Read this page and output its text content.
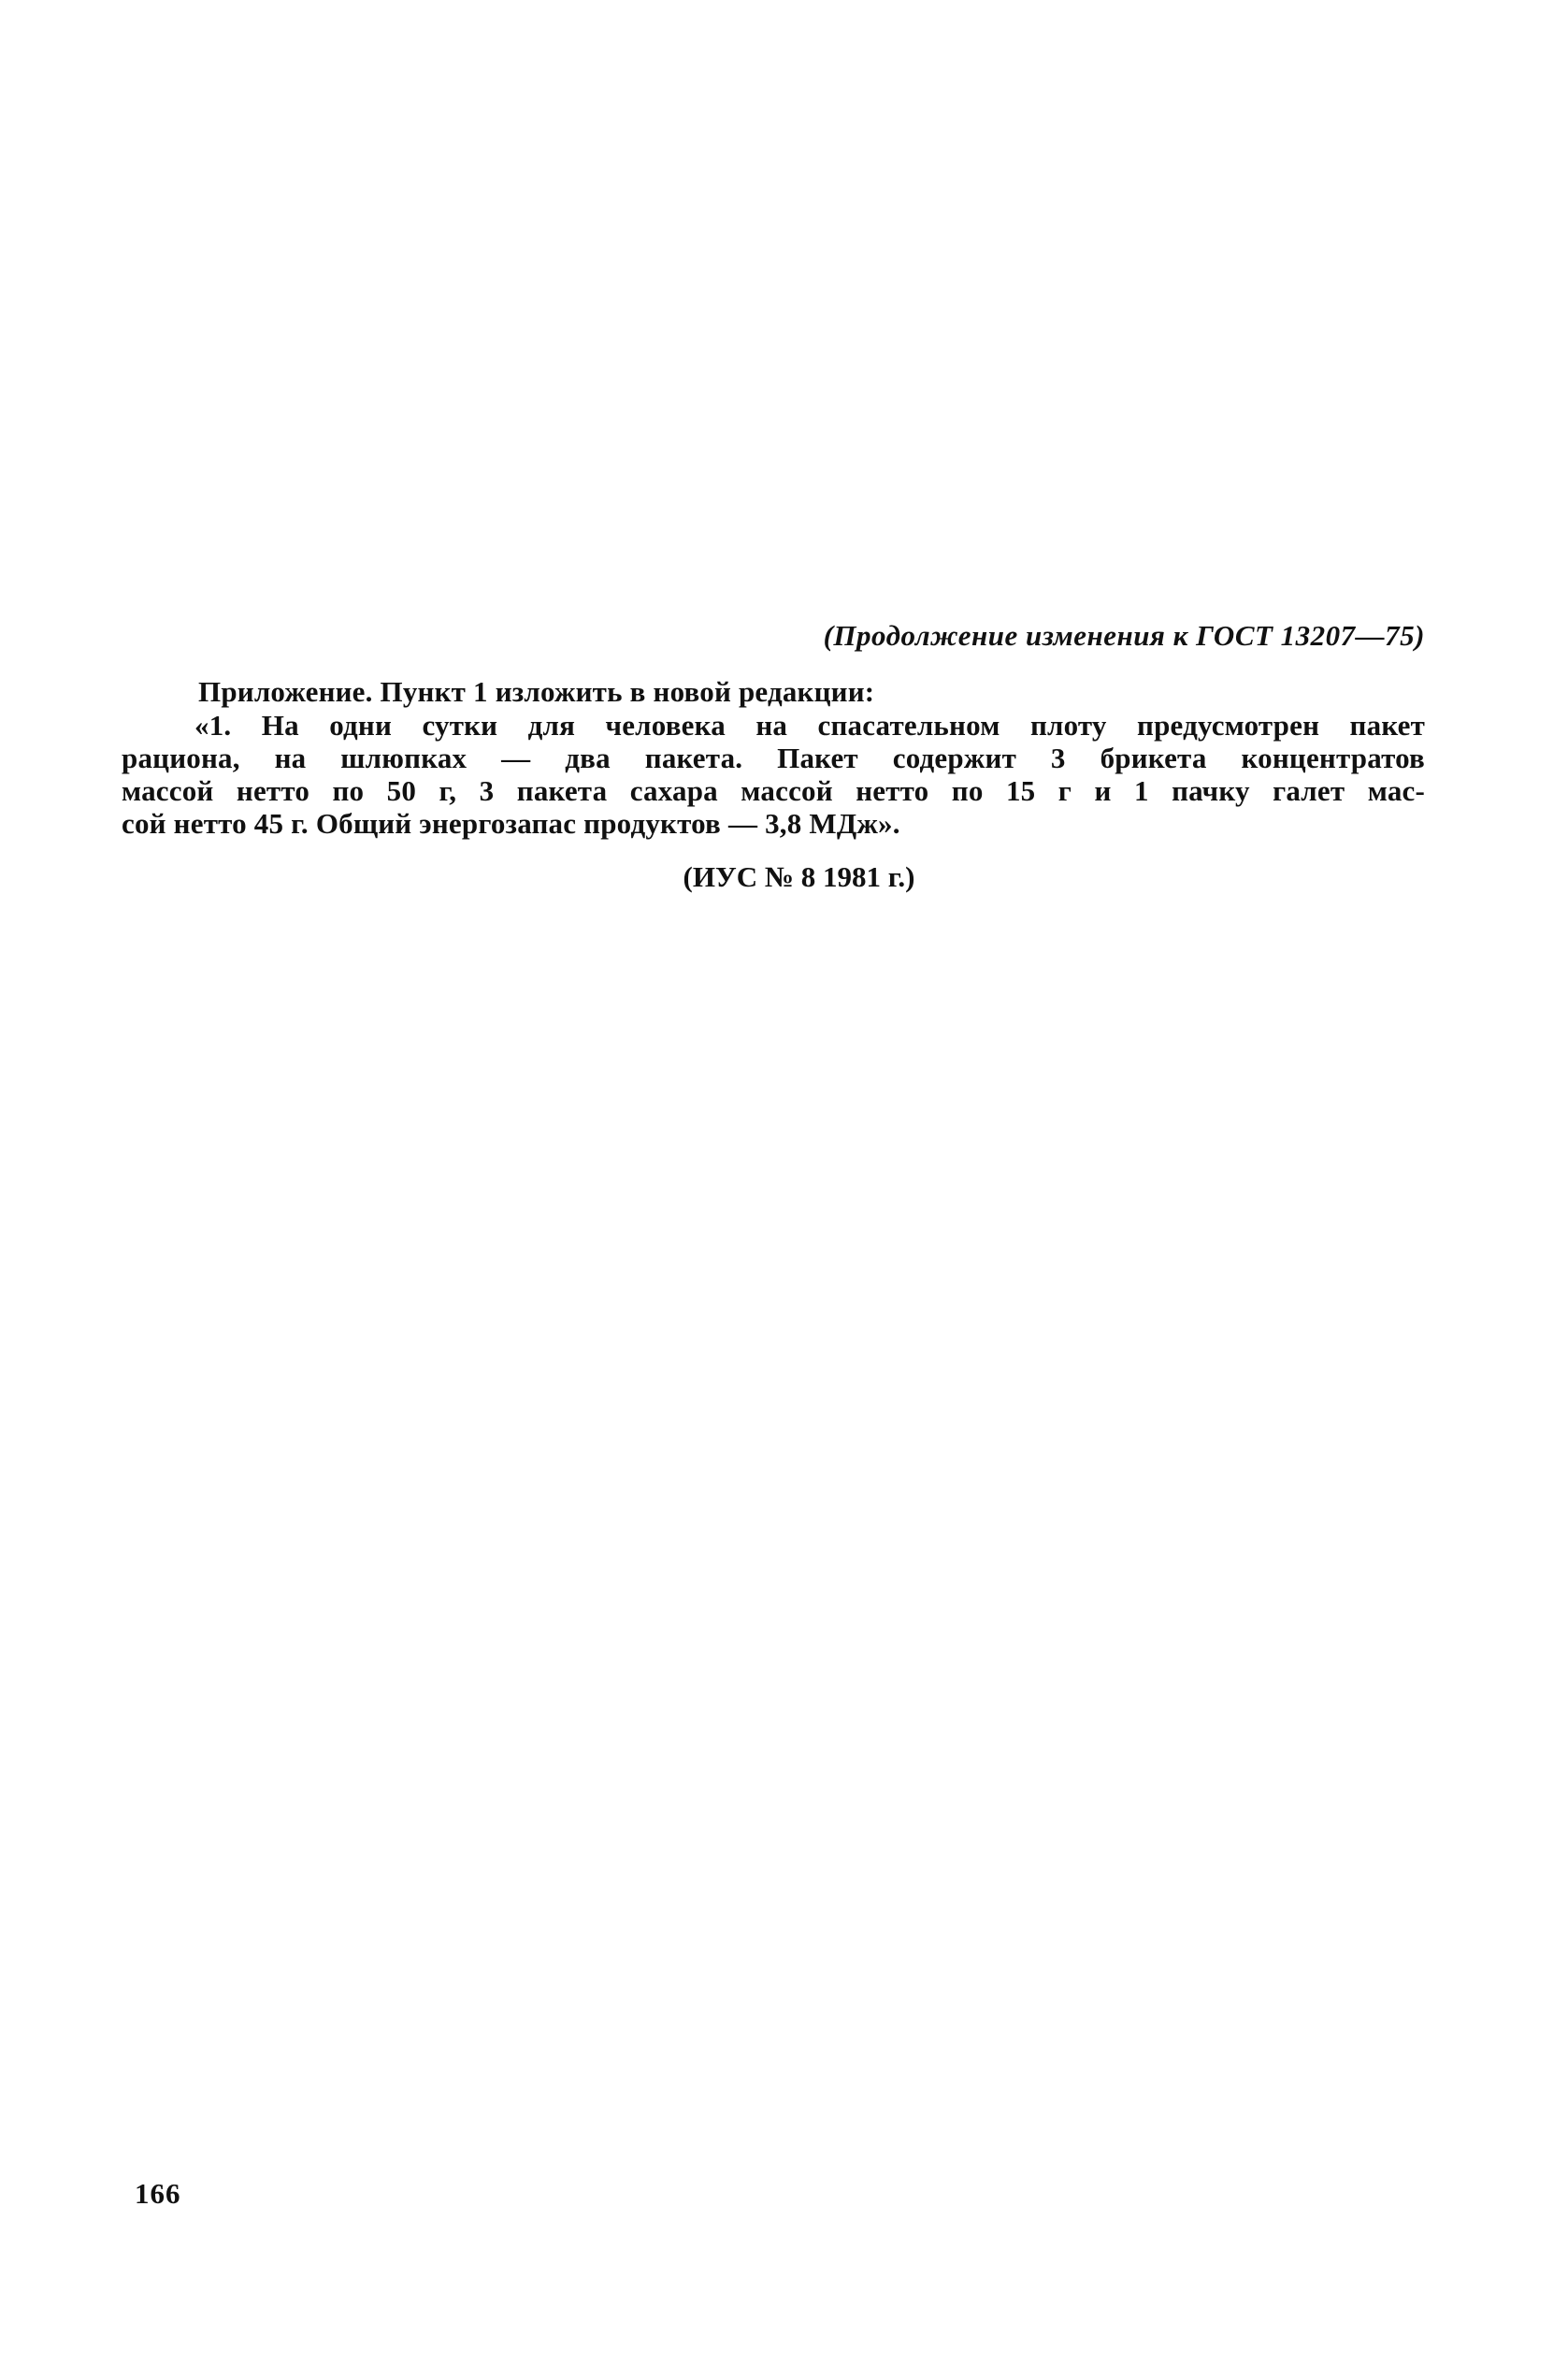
(Продолжение изменения к ГОСТ 13207—75)
Приложение. Пункт 1 изложить в новой редакции:
«1. На одни сутки для человека на спасательном плоту предусмотрен пакет
рациона, на шлюпках — два пакета. Пакет содержит 3 брикета концентратов
массой нетто по 50 г, 3 пакета сахара массой нетто по 15 г и 1 пачку галет мас-
сой нетто 45 г. Общий энергозапас продуктов — 3,8 МДж».
(ИУС № 8 1981 г.)
166
